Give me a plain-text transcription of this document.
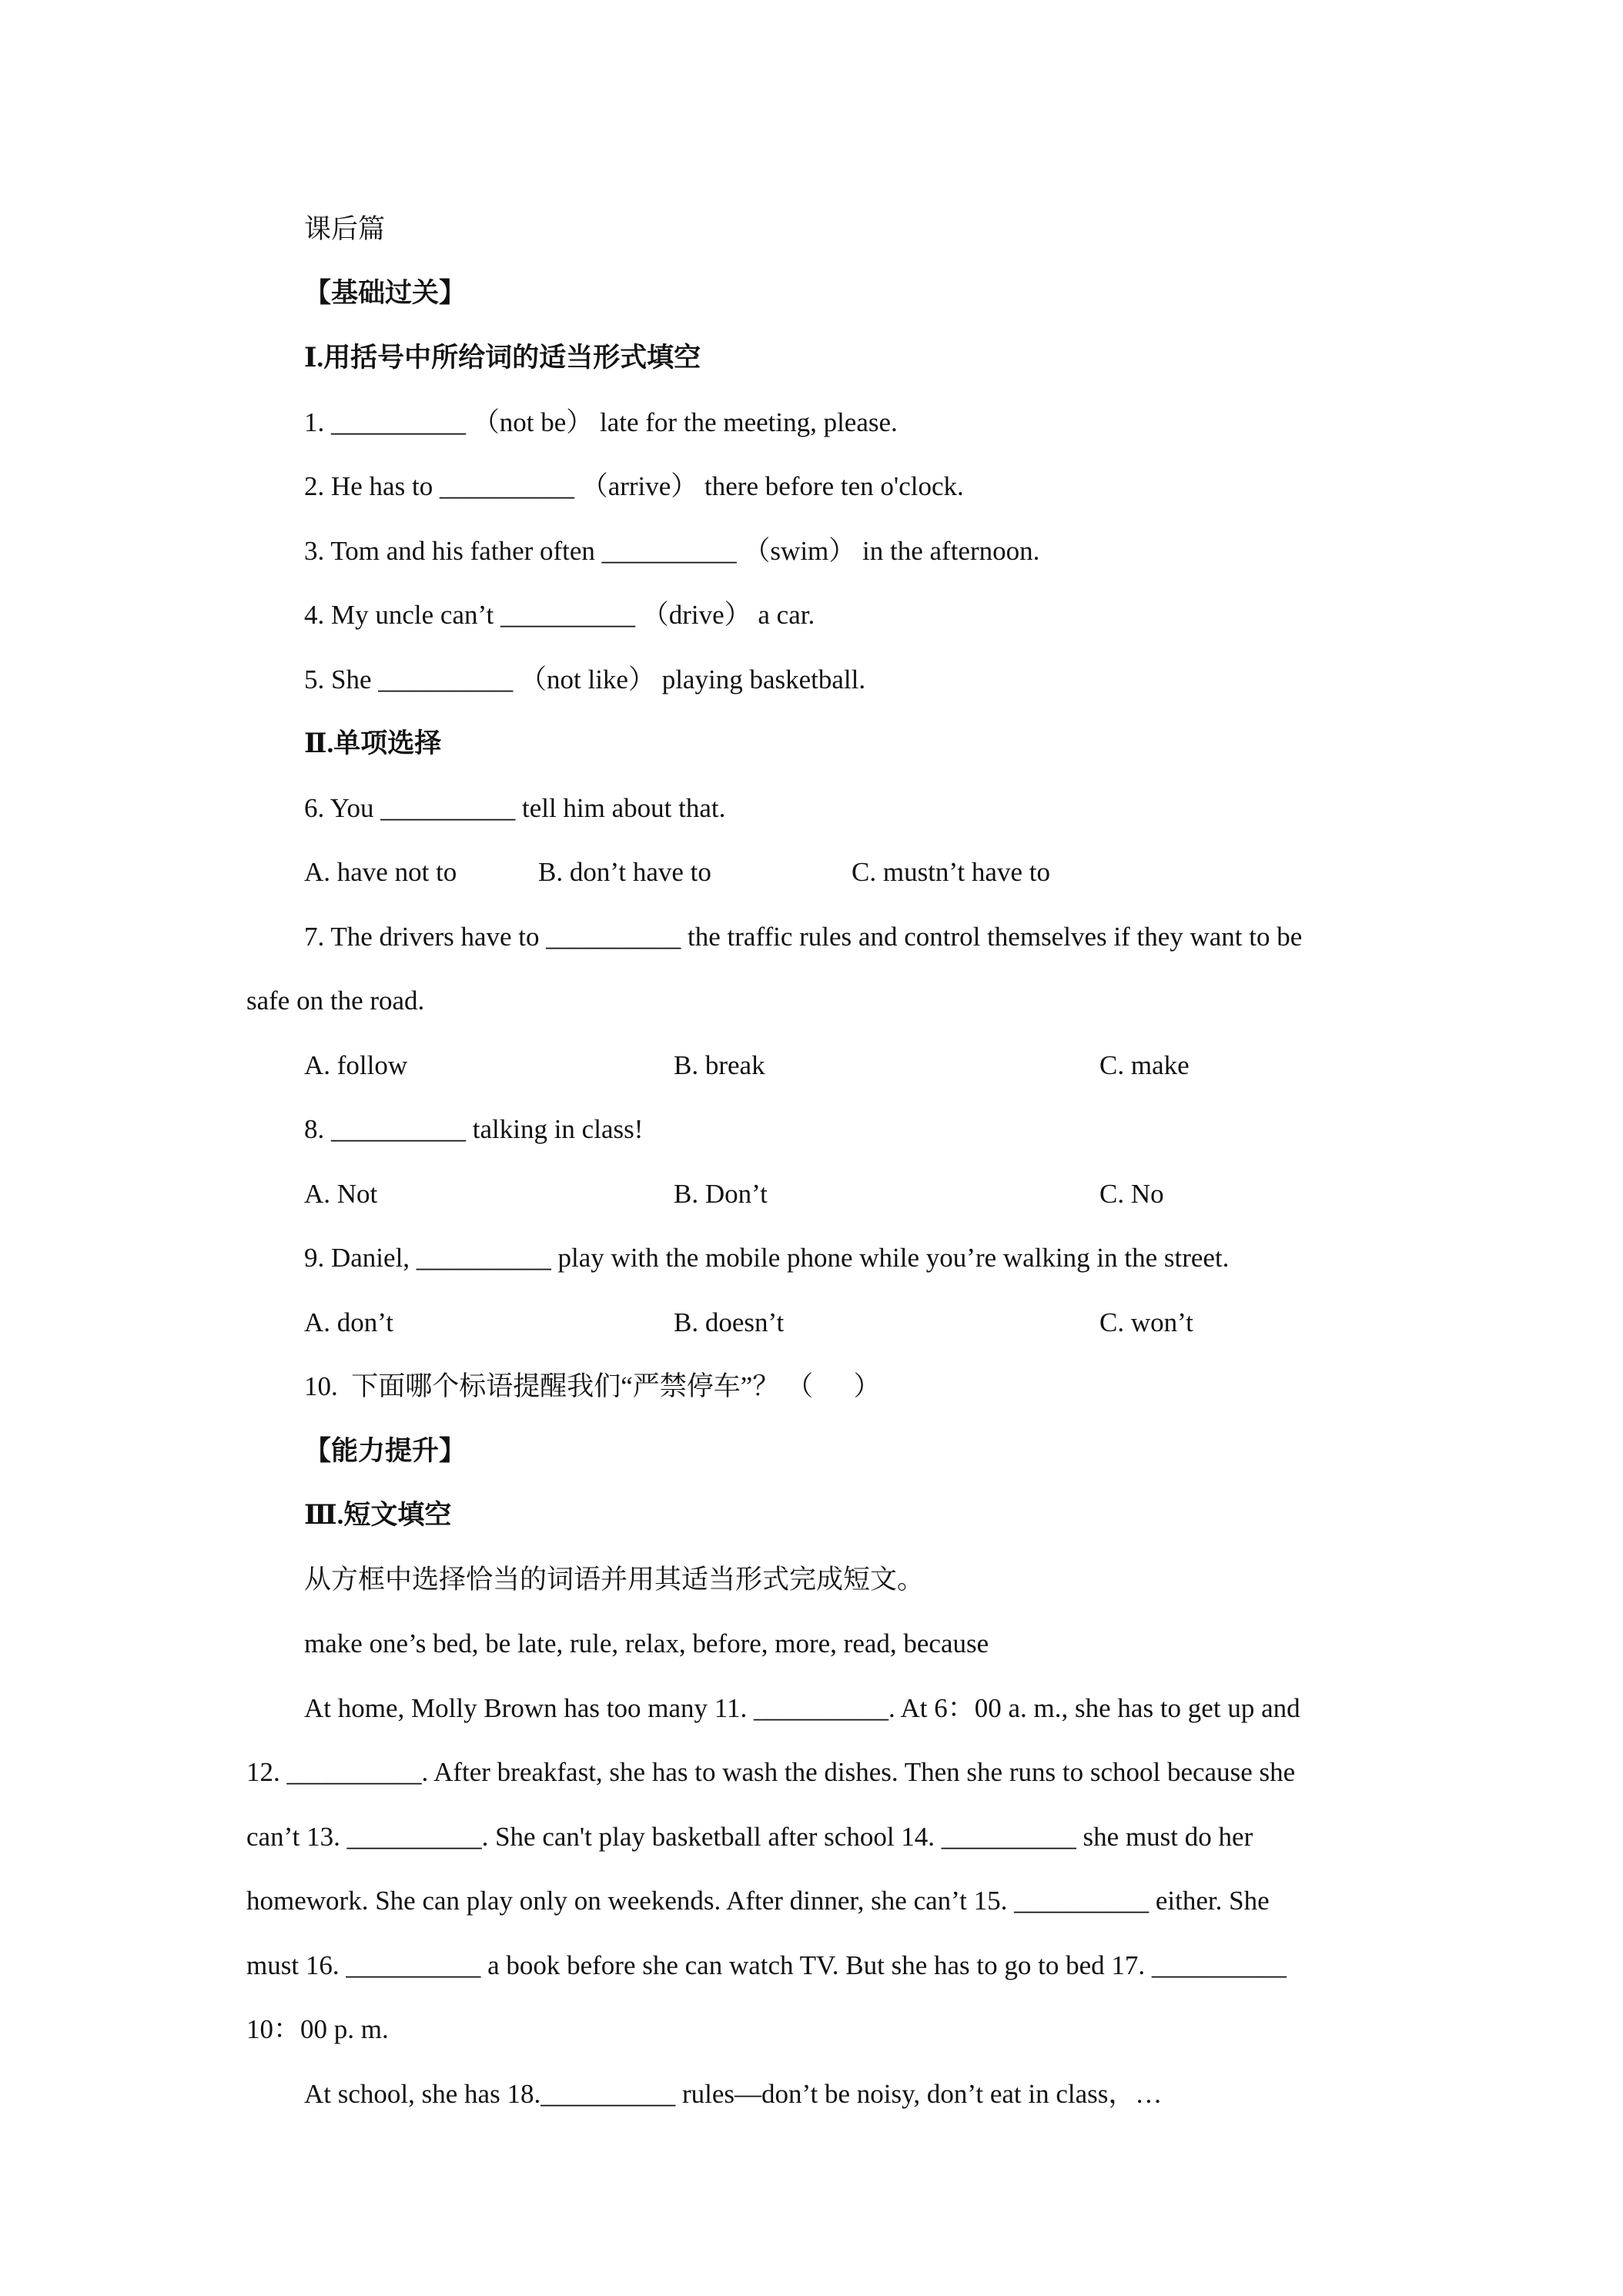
课后篇

【基础过关】

Ⅰ.用括号中所给词的适当形式填空

1. __________ （not be） late for the meeting, please.

2. He has to __________ （arrive） there before ten o'clock.

3. Tom and his father often __________ （swim） in the afternoon.

4. My uncle can’t __________ （drive） a car.

5. She __________ （not like） playing basketball.

Ⅱ.单项选择

6. You __________ tell him about that.

A. have not to	B. don’t have to	C. mustn’t have to

7. The drivers have to __________ the traffic rules and control themselves if they want to be

safe on the road.

A. follow	B. break	C. make

8. __________ talking in class!

A. Not	B. Don’t	C. No

9. Daniel, __________ play with the mobile phone while you’re walking in the street.

A. don’t	B. doesn’t	C. won’t

10.  下面哪个标语提醒我们“严禁停车”？ （      ）

【能力提升】

Ⅲ.短文填空

从方框中选择恰当的词语并用其适当形式完成短文。

make one’s bed, be late, rule, relax, before, more, read, because

At home, Molly Brown has too many 11. __________. At 6：00 a. m., she has to get up and

12. __________. After breakfast, she has to wash the dishes. Then she runs to school because she

can’t 13. __________. She can't play basketball after school 14. __________ she must do her

homework. She can play only on weekends. After dinner, she can’t 15. __________ either. She

must 16. __________ a book before she can watch TV. But she has to go to bed 17. __________

10：00 p. m.

At school, she has 18.__________ rules—don’t be noisy, don’t eat in class，…
